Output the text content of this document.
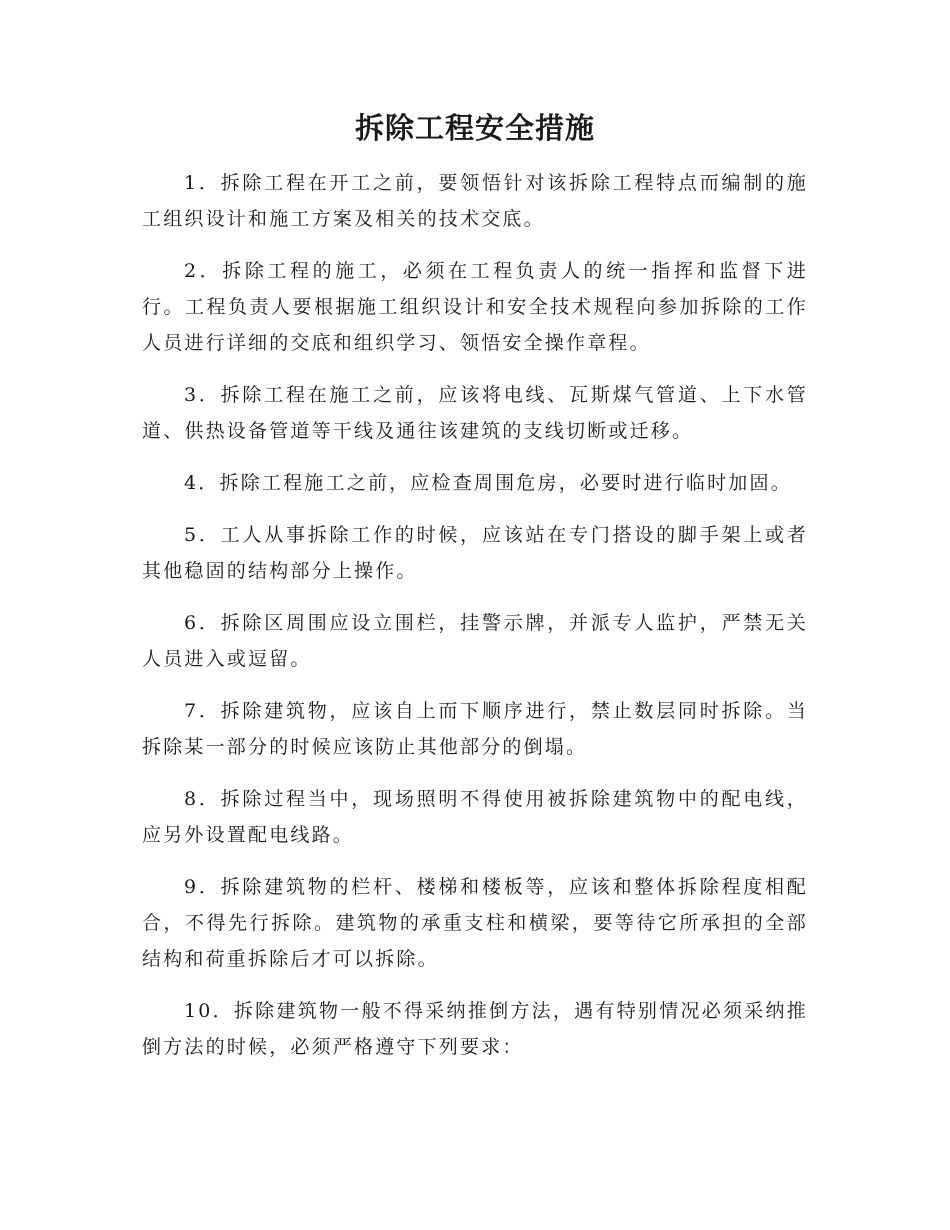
拆除工程安全措施

1．拆除工程在开工之前，要领悟针对该拆除工程特点而编制的施工组织设计和施工方案及相关的技术交底。

2．拆除工程的施工，必须在工程负责人的统一指挥和监督下进行。工程负责人要根据施工组织设计和安全技术规程向参加拆除的工作人员进行详细的交底和组织学习、领悟安全操作章程。

3．拆除工程在施工之前，应该将电线、瓦斯煤气管道、上下水管道、供热设备管道等干线及通往该建筑的支线切断或迁移。

4．拆除工程施工之前，应检查周围危房，必要时进行临时加固。

5．工人从事拆除工作的时候，应该站在专门搭设的脚手架上或者其他稳固的结构部分上操作。

6．拆除区周围应设立围栏，挂警示牌，并派专人监护，严禁无关人员进入或逗留。

7．拆除建筑物，应该自上而下顺序进行，禁止数层同时拆除。当拆除某一部分的时候应该防止其他部分的倒塌。

8．拆除过程当中，现场照明不得使用被拆除建筑物中的配电线，应另外设置配电线路。

9．拆除建筑物的栏杆、楼梯和楼板等，应该和整体拆除程度相配合，不得先行拆除。建筑物的承重支柱和横梁，要等待它所承担的全部结构和荷重拆除后才可以拆除。

10．拆除建筑物一般不得采纳推倒方法，遇有特别情况必须采纳推倒方法的时候，必须严格遵守下列要求：
